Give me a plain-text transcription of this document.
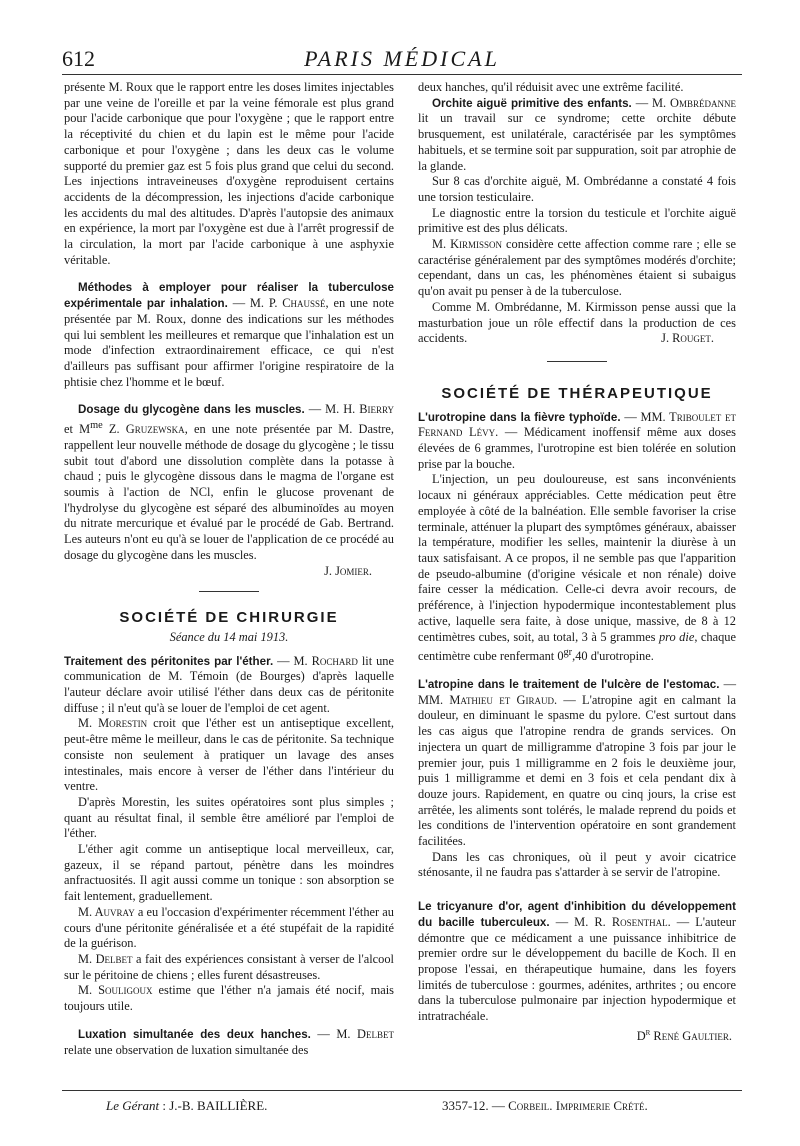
612	PARIS MÉDICAL

présente M. Roux que le rapport entre les doses limites injectables par une veine de l'oreille et par la veine fémorale est plus grand pour l'acide carbonique que pour l'oxygène ; que le rapport entre la réceptivité du chien et du lapin est le même pour l'acide carbonique et pour l'oxygène ; dans les deux cas le volume supporté du premier gaz est 5 fois plus grand que celui du second. Les injections intraveineuses d'oxygène reproduisent certains accidents de la décompression, les injections d'acide carbonique les accidents du mal des altitudes. D'après l'autopsie des animaux en expérience, la mort par l'oxygène est due à l'arrêt progressif de la circulation, la mort par l'acide carbonique à une asphyxie véritable.

Méthodes à employer pour réaliser la tuberculose expérimentale par inhalation. — M. P. Chaussé, en une note présentée par M. Roux, donne des indications sur les méthodes qui lui semblent les meilleures et remarque que l'inhalation est un mode d'infection extraordinairement efficace, ce qui n'est d'ailleurs pas suffisant pour affirmer l'origine respiratoire de la phtisie chez l'homme et le bœuf.

Dosage du glycogène dans les muscles. — M. H. Bierry et $M^{me}$ Z. Gruzewska, en une note présentée par M. Dastre, rappellent leur nouvelle méthode de dosage du glycogène ; le tissu subit tout d'abord une dissolution complète dans la potasse à chaud ; puis le glycogène dissous dans le magma de l'organe est soumis à l'action de NCl, enfin le glucose provenant de l'hydrolyse du glycogène est séparé des albuminoïdes au moyen du nitrate mercurique et évalué par le procédé de Gab. Bertrand. Les auteurs n'ont eu qu'à se louer de l'application de ce procédé au dosage du glycogène dans les muscles.

J. Jomier.

SOCIÉTÉ DE CHIRURGIE
Séance du 14 mai 1913.

Traitement des péritonites par l'éther. — M. Rochard lit une communication de M. Témoin (de Bourges) d'après laquelle l'auteur déclare avoir utilisé l'éther dans deux cas de péritonite diffuse ; il n'eut qu'à se louer de l'emploi de cet agent.

M. Morestin croit que l'éther est un antiseptique excellent, peut-être même le meilleur, dans le cas de péritonite. Sa technique consiste non seulement à pratiquer un lavage des anses intestinales, mais encore à verser de l'éther dans l'intérieur du ventre.

D'après Morestin, les suites opératoires sont plus simples ; quant au résultat final, il semble être amélioré par l'emploi de l'éther.

L'éther agit comme un antiseptique local merveilleux, car, gazeux, il se répand partout, pénètre dans les moindres anfractuosités. Il agit aussi comme un tonique : son absorption se fait lentement, graduellement.

M. Auvray a eu l'occasion d'expérimenter récemment l'éther au cours d'une péritonite généralisée et a été stupéfait de la rapidité de la guérison.

M. Delbet a fait des expériences consistant à verser de l'alcool sur le péritoine de chiens ; elles furent désastreuses.

M. Souligoux estime que l'éther n'a jamais été nocif, mais toujours utile.

Luxation simultanée des deux hanches. — M. Delbet relate une observation de luxation simultanée des

deux hanches, qu'il réduisit avec une extrême facilité.

Orchite aiguë primitive des enfants. — M. Ombrédanne lit un travail sur ce syndrome; cette orchite débute brusquement, est unilatérale, caractérisée par les symptômes habituels, et se termine soit par suppuration, soit par atrophie de la glande.

Sur 8 cas d'orchite aiguë, M. Ombrédanne a constaté 4 fois une torsion testiculaire.

Le diagnostic entre la torsion du testicule et l'orchite aiguë primitive est des plus délicats.

M. Kirmisson considère cette affection comme rare ; elle se caractérise généralement par des symptômes modérés d'orchite; cependant, dans un cas, les phénomènes étaient si subaigus qu'on avait pu penser à de la tuberculose.

Comme M. Ombrédanne, M. Kirmisson pense aussi que la masturbation joue un rôle effectif dans la production de ces accidents.	J. Rouget.

SOCIÉTÉ DE THÉRAPEUTIQUE

L'urotropine dans la fièvre typhoïde. — MM. Triboulet et Fernand Lévy. — Médicament inoffensif même aux doses élevées de 6 grammes, l'urotropine est bien tolérée en solution prise par la bouche.

L'injection, un peu douloureuse, est sans inconvénients locaux ni généraux appréciables. Cette médication peut être employée à côté de la balnéation. Elle semble favoriser la crise terminale, atténuer la plupart des symptômes généraux, abaisser la température, modifier les selles, maintenir la diurèse à un taux satisfaisant. A ce propos, il ne semble pas que l'apparition de pseudo-albumine (d'origine vésicale et non rénale) doive faire cesser la médication. Celle-ci devra avoir recours, de préférence, à l'injection hypodermique incontestablement plus active, laquelle sera faite, à dose unique, massive, de 8 à 12 centimètres cubes, soit, au total, 3 à 5 grammes pro die, chaque centimètre cube renfermant $0^{gr},40$ d'urotropine.

L'atropine dans le traitement de l'ulcère de l'estomac. — MM. Mathieu et Giraud. — L'atropine agit en calmant la douleur, en diminuant le spasme du pylore. C'est surtout dans les cas aigus que l'atropine rendra de grands services. On injectera un quart de milligramme d'atropine 3 fois par jour le premier jour, puis 1 milligramme en 2 fois le deuxième jour, puis 1 milligramme et demi en 3 fois et cela pendant dix à douze jours. Rapidement, en quatre ou cinq jours, la crise est arrêtée, les aliments sont tolérés, le malade reprend du poids et les conditions de l'intervention opératoire en sont grandement facilitées.

Dans les cas chroniques, où il peut y avoir cicatrice sténosante, il ne faudra pas s'attarder à se servir de l'atropine.

Le tricyanure d'or, agent d'inhibition du développement du bacille tuberculeux. — M. R. Rosenthal. — L'auteur démontre que ce médicament a une puissance inhibitrice de premier ordre sur le développement du bacille de Koch. Il en propose l'essai, en thérapeutique humaine, dans les foyers limités de tuberculose : gourmes, adénites, arthrites ; ou encore dans la tuberculose pulmonaire par injection hypodermique et intratrachéale.

$D^r$ René Gaultier.

Le Gérant : J.-B. BAILLIÈRE.	3357-12. — Corbeil. Imprimerie Crété.
